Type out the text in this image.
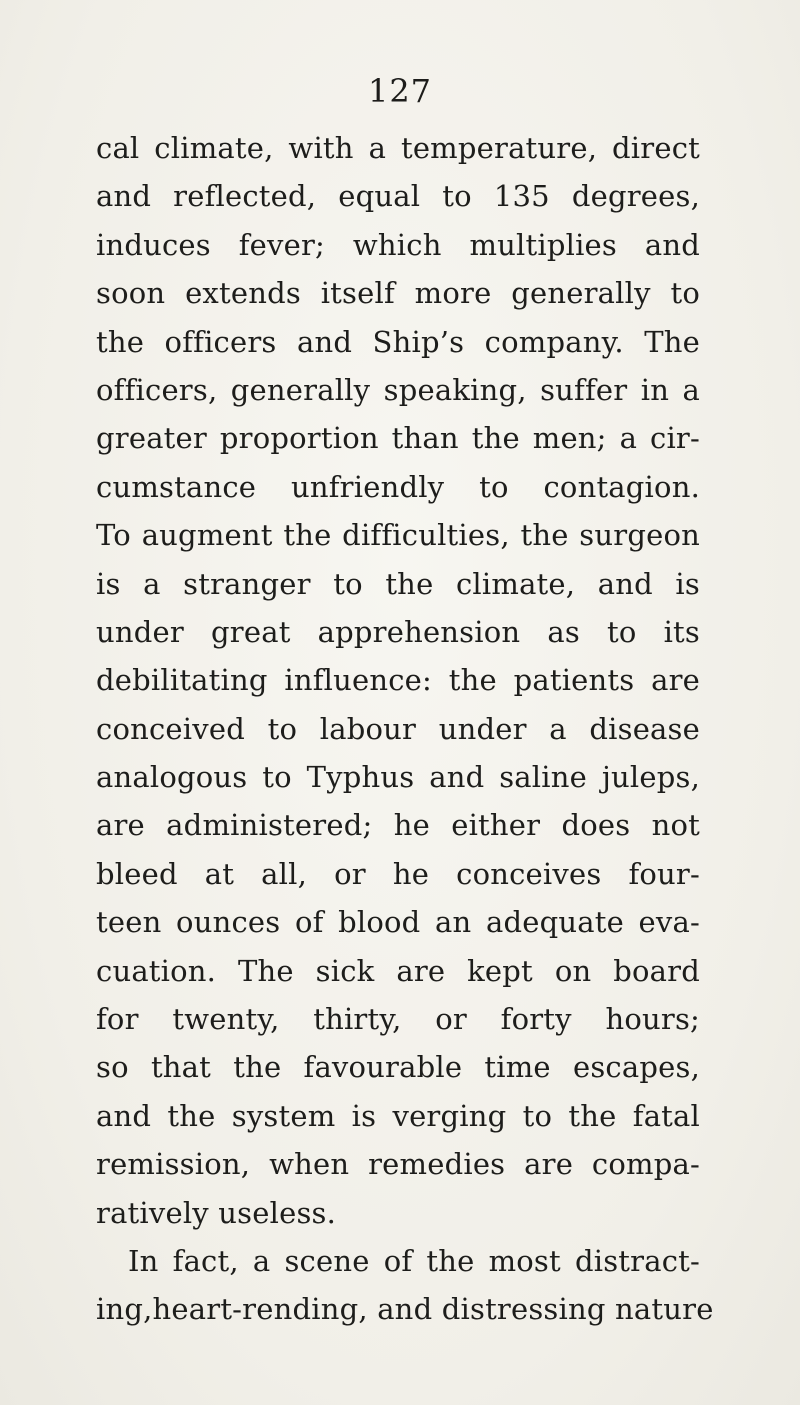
127
cal climate, with a temperature, direct
and reflected, equal to 135 degrees,
induces fever; which multiplies and
soon extends itself more generally to
the officers and Ship’s company. The
officers, generally speaking, suffer in a
greater proportion than the men; a cir-
cumstance unfriendly to contagion.
To augment the difficulties, the surgeon
is a stranger to the climate, and is
under great apprehension as to its
debilitating influence: the patients are
conceived to labour under a disease
analogous to Typhus and saline juleps,
are administered; he either does not
bleed at all, or he conceives four-
teen ounces of blood an adequate eva-
cuation. The sick are kept on board
for twenty, thirty, or forty hours;
so that the favourable time escapes,
and the system is verging to the fatal
remission, when remedies are compa-
ratively useless.
In fact, a scene of the most distract-
ing,heart-rending, and distressing nature
